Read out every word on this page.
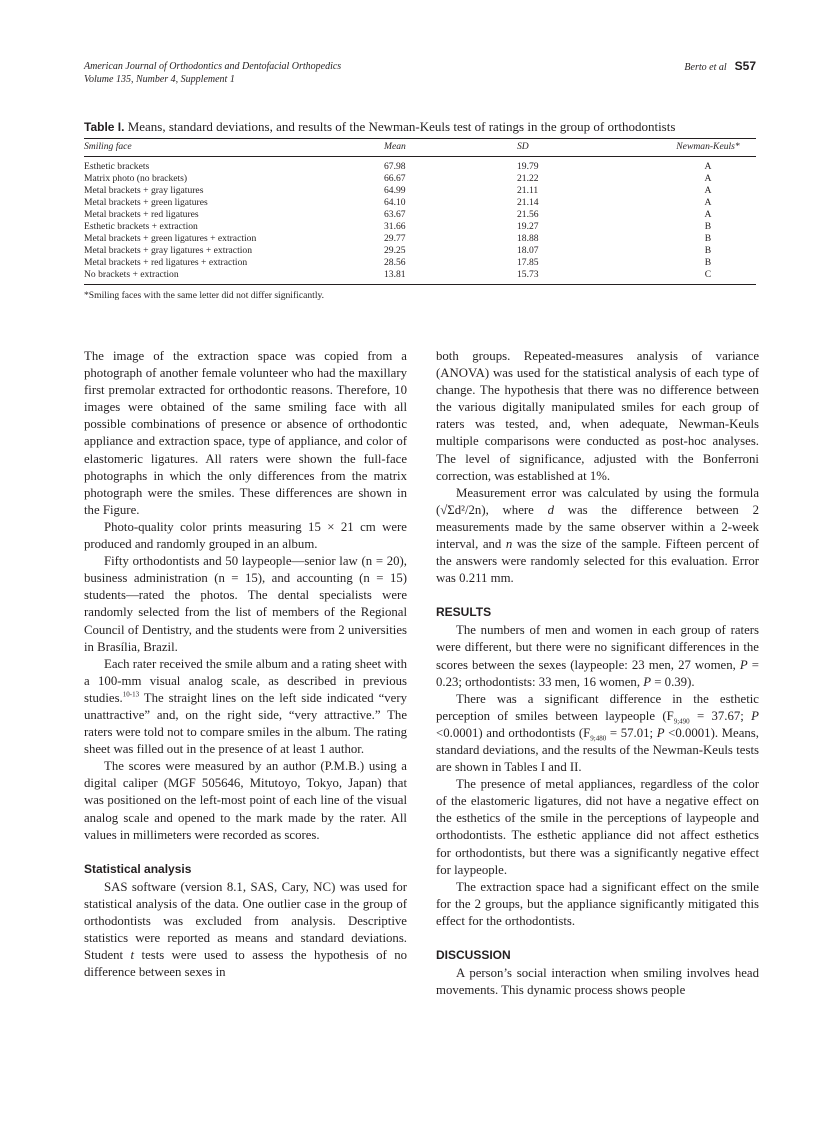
American Journal of Orthodontics and Dentofacial Orthopedics
Volume 135, Number 4, Supplement 1
Berto et al S57
Table I. Means, standard deviations, and results of the Newman-Keuls test of ratings in the group of orthodontists
Smiling face	Mean	SD	Newman-Keuls*
Esthetic brackets	67.98	19.79	A
Matrix photo (no brackets)	66.67	21.22	A
Metal brackets + gray ligatures	64.99	21.11	A
Metal brackets + green ligatures	64.10	21.14	A
Metal brackets + red ligatures	63.67	21.56	A
Esthetic brackets + extraction	31.66	19.27	B
Metal brackets + green ligatures + extraction	29.77	18.88	B
Metal brackets + gray ligatures + extraction	29.25	18.07	B
Metal brackets + red ligatures + extraction	28.56	17.85	B
No brackets + extraction	13.81	15.73	C
*Smiling faces with the same letter did not differ significantly.

The image of the extraction space was copied from a photograph of another female volunteer who had the maxillary first premolar extracted for orthodontic reasons. Therefore, 10 images were obtained of the same smiling face with all possible combinations of presence or absence of orthodontic appliance and extraction space, type of appliance, and color of elastomeric ligatures. All raters were shown the full-face photographs in which the only differences from the matrix photograph were the smiles. These differences are shown in the Figure.

Photo-quality color prints measuring 15 × 21 cm were produced and randomly grouped in an album.

Fifty orthodontists and 50 laypeople—senior law (n = 20), business administration (n = 15), and accounting (n = 15) students—rated the photos. The dental specialists were randomly selected from the list of members of the Regional Council of Dentistry, and the students were from 2 universities in Brasília, Brazil.

Each rater received the smile album and a rating sheet with a 100-mm visual analog scale, as described in previous studies.$^{10-13}$ The straight lines on the left side indicated “very unattractive” and, on the right side, “very attractive.” The raters were told not to compare smiles in the album. The rating sheet was filled out in the presence of at least 1 author.

The scores were measured by an author (P.M.B.) using a digital caliper (MGF 505646, Mitutoyo, Tokyo, Japan) that was positioned on the left-most point of each line of the visual analog scale and opened to the mark made by the rater. All values in millimeters were recorded as scores.

Statistical analysis

SAS software (version 8.1, SAS, Cary, NC) was used for statistical analysis of the data. One outlier case in the group of orthodontists was excluded from analysis. Descriptive statistics were reported as means and standard deviations. Student t tests were used to assess the hypothesis of no difference between sexes in

both groups. Repeated-measures analysis of variance (ANOVA) was used for the statistical analysis of each type of change. The hypothesis that there was no difference between the various digitally manipulated smiles for each group of raters was tested, and, when adequate, Newman-Keuls multiple comparisons were conducted as post-hoc analyses. The level of significance, adjusted with the Bonferroni correction, was established at 1%.

Measurement error was calculated by using the formula (√Σd²/2n), where d was the difference between 2 measurements made by the same observer within a 2-week interval, and n was the size of the sample. Fifteen percent of the answers were randomly selected for this evaluation. Error was 0.211 mm.

RESULTS

The numbers of men and women in each group of raters were different, but there were no significant differences in the scores between the sexes (laypeople: 23 men, 27 women, P = 0.23; orthodontists: 33 men, 16 women, P = 0.39).

There was a significant difference in the esthetic perception of smiles between laypeople ($F_{9;490} = 37.67$; P <0.0001) and orthodontists ($F_{9;480} = 57.01$; P <0.0001). Means, standard deviations, and the results of the Newman-Keuls tests are shown in Tables I and II.

The presence of metal appliances, regardless of the color of the elastomeric ligatures, did not have a negative effect on the esthetics of the smile in the perceptions of laypeople and orthodontists. The esthetic appliance did not affect esthetics for orthodontists, but there was a significantly negative effect for laypeople.

The extraction space had a significant effect on the smile for the 2 groups, but the appliance significantly mitigated this effect for the orthodontists.

DISCUSSION

A person’s social interaction when smiling involves head movements. This dynamic process shows people
